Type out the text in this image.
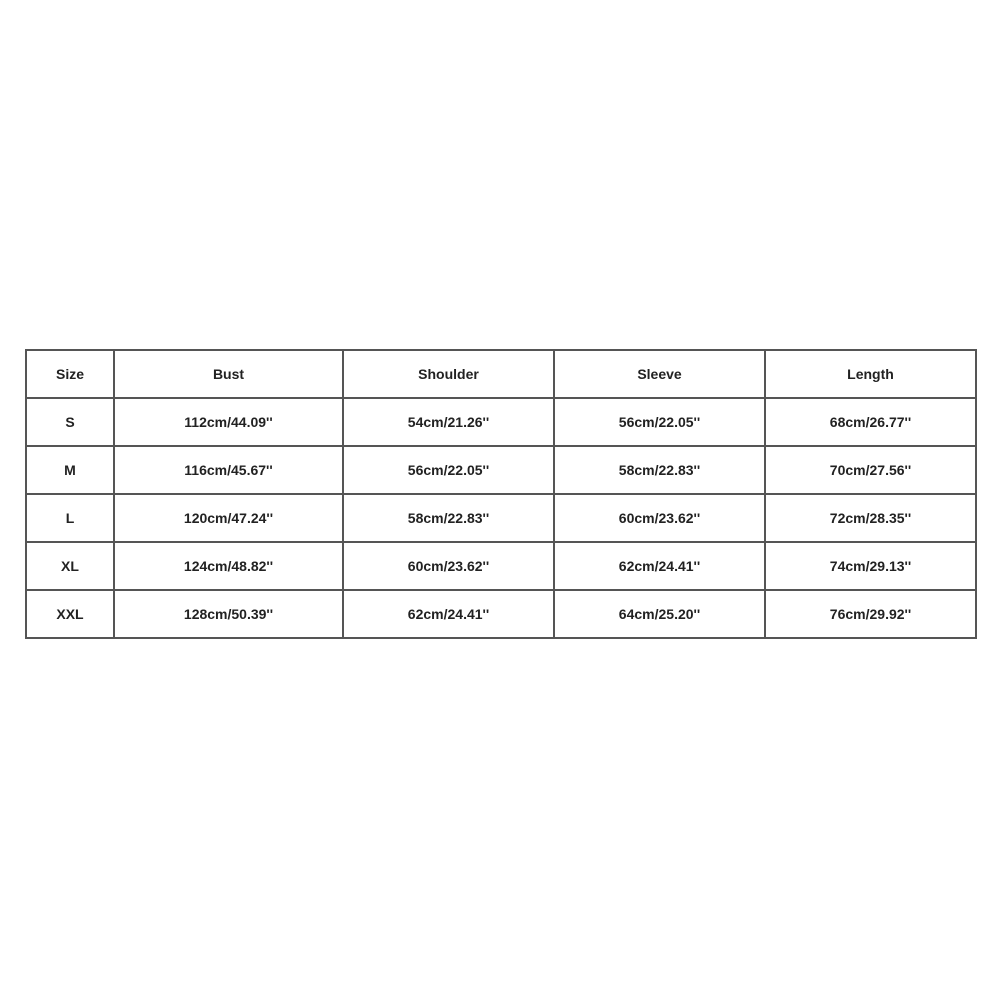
Size	Bust	Shoulder	Sleeve	Length
S	112cm/44.09''	54cm/21.26''	56cm/22.05''	68cm/26.77''
M	116cm/45.67''	56cm/22.05''	58cm/22.83''	70cm/27.56''
L	120cm/47.24''	58cm/22.83''	60cm/23.62''	72cm/28.35''
XL	124cm/48.82''	60cm/23.62''	62cm/24.41''	74cm/29.13''
XXL	128cm/50.39''	62cm/24.41''	64cm/25.20''	76cm/29.92''
